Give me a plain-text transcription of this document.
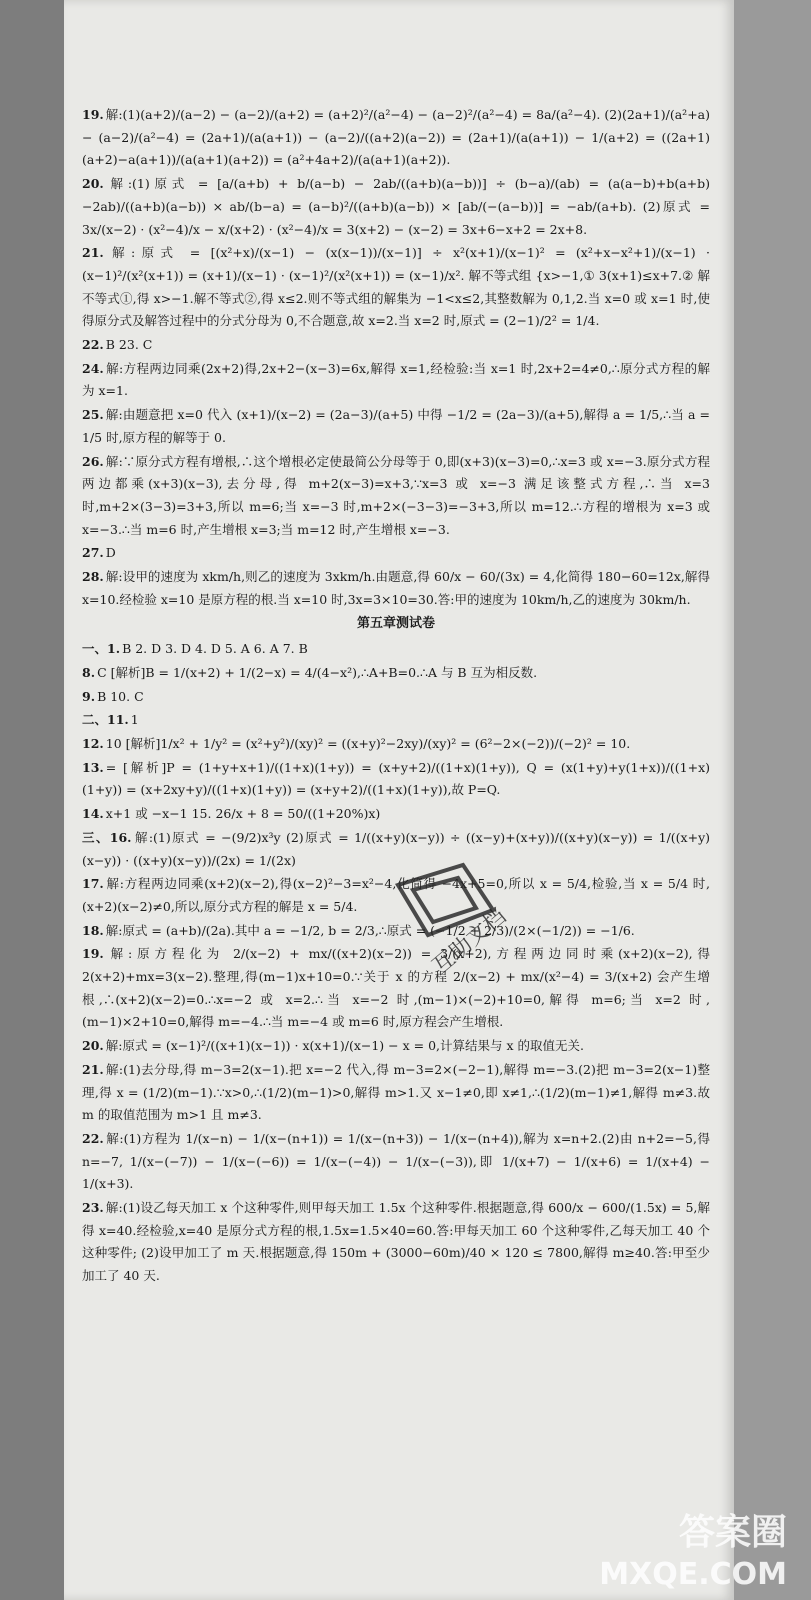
19. 解:(1)(a+2)/(a−2) − (a−2)/(a+2) = (a+2)²/(a²−4) − (a−2)²/(a²−4) = 8a/(a²−4). (2)(2a+1)/(a²+a) − (a−2)/(a²−4) = (2a+1)/(a(a+1)) − (a−2)/((a+2)(a−2)) = (2a+1)/(a(a+1)) − 1/(a+2) = ((2a+1)(a+2)−a(a+1))/(a(a+1)(a+2)) = (a²+4a+2)/(a(a+1)(a+2)).
20. 解:(1)原式 = [a/(a+b) + b/(a−b) − 2ab/((a+b)(a−b))] ÷ (b−a)/(ab) = (a(a−b)+b(a+b)−2ab)/((a+b)(a−b)) × ab/(b−a) = (a−b)²/((a+b)(a−b)) × [ab/(−(a−b))] = −ab/(a+b). (2)原式 = 3x/(x−2) · (x²−4)/x − x/(x+2) · (x²−4)/x = 3(x+2) − (x−2) = 3x+6−x+2 = 2x+8.
21. 解:原式 = [(x²+x)/(x−1) − (x(x−1))/(x−1)] ÷ x²(x+1)/(x−1)² = (x²+x−x²+1)/(x−1) · (x−1)²/(x²(x+1)) = (x+1)/(x−1) · (x−1)²/(x²(x+1)) = (x−1)/x². 解不等式组 {x>−1,① 3(x+1)≤x+7.② 解不等式①,得 x>−1.解不等式②,得 x≤2.则不等式组的解集为 −1<x≤2,其整数解为 0,1,2.当 x=0 或 x=1 时,使得原分式及解答过程中的分式分母为 0,不合题意,故 x=2.当 x=2 时,原式 = (2−1)/2² = 1/4.
22. B 23. C
24. 解:方程两边同乘(2x+2)得,2x+2−(x−3)=6x,解得 x=1,经检验:当 x=1 时,2x+2=4≠0,∴原分式方程的解为 x=1.
25. 解:由题意把 x=0 代入 (x+1)/(x−2) = (2a−3)/(a+5) 中得 −1/2 = (2a−3)/(a+5),解得 a = 1/5,∴当 a = 1/5 时,原方程的解等于 0.
26. 解:∵原分式方程有增根,∴这个增根必定使最简公分母等于 0,即(x+3)(x−3)=0,∴x=3 或 x=−3.原分式方程两边都乘(x+3)(x−3),去分母,得 m+2(x−3)=x+3,∵x=3 或 x=−3 满足该整式方程,∴当 x=3 时,m+2×(3−3)=3+3,所以 m=6;当 x=−3 时,m+2×(−3−3)=−3+3,所以 m=12.∴方程的增根为 x=3 或 x=−3.∴当 m=6 时,产生增根 x=3;当 m=12 时,产生增根 x=−3.
27. D
28. 解:设甲的速度为 xkm/h,则乙的速度为 3xkm/h.由题意,得 60/x − 60/(3x) = 4,化简得 180−60=12x,解得 x=10.经检验 x=10 是原方程的根.当 x=10 时,3x=3×10=30.答:甲的速度为 10km/h,乙的速度为 30km/h.
第五章测试卷
一、1. B 2. D 3. D 4. D 5. A 6. A 7. B
8. C [解析]B = 1/(x+2) + 1/(2−x) = 4/(4−x²),∴A+B=0.∴A 与 B 互为相反数.
9. B 10. C
二、11. 1
12. 10 [解析]1/x² + 1/y² = (x²+y²)/(xy)² = ((x+y)²−2xy)/(xy)² = (6²−2×(−2))/(−2)² = 10.
13. = [解析]P = (1+y+x+1)/((1+x)(1+y)) = (x+y+2)/((1+x)(1+y)), Q = (x(1+y)+y(1+x))/((1+x)(1+y)) = (x+2xy+y)/((1+x)(1+y)) = (x+y+2)/((1+x)(1+y)),故 P=Q.
14. x+1 或 −x−1 15. 26/x + 8 = 50/((1+20%)x)
三、16. 解:(1)原式 = −(9/2)x³y (2)原式 = 1/((x+y)(x−y)) ÷ ((x−y)+(x+y))/((x+y)(x−y)) = 1/((x+y)(x−y)) · ((x+y)(x−y))/(2x) = 1/(2x)
17. 解:方程两边同乘(x+2)(x−2),得(x−2)²−3=x²−4,化简得 −4x+5=0,所以 x = 5/4,检验,当 x = 5/4 时,(x+2)(x−2)≠0,所以,原分式方程的解是 x = 5/4.
18. 解:原式 = (a+b)/(2a).其中 a = −1/2, b = 2/3,∴原式 = (−1/2 + 2/3)/(2×(−1/2)) = −1/6.
19. 解:原方程化为 2/(x−2) + mx/((x+2)(x−2)) = 3/(x+2),方程两边同时乘(x+2)(x−2),得 2(x+2)+mx=3(x−2).整理,得(m−1)x+10=0.∵关于 x 的方程 2/(x−2) + mx/(x²−4) = 3/(x+2) 会产生增根,∴(x+2)(x−2)=0.∴x=−2 或 x=2.∴当 x=−2 时,(m−1)×(−2)+10=0,解得 m=6;当 x=2 时,(m−1)×2+10=0,解得 m=−4.∴当 m=−4 或 m=6 时,原方程会产生增根.
20. 解:原式 = (x−1)²/((x+1)(x−1)) · x(x+1)/(x−1) − x = 0,计算结果与 x 的取值无关.
21. 解:(1)去分母,得 m−3=2(x−1).把 x=−2 代入,得 m−3=2×(−2−1),解得 m=−3.(2)把 m−3=2(x−1)整理,得 x = (1/2)(m−1).∵x>0,∴(1/2)(m−1)>0,解得 m>1.又 x−1≠0,即 x≠1,∴(1/2)(m−1)≠1,解得 m≠3.故 m 的取值范围为 m>1 且 m≠3.
22. 解:(1)方程为 1/(x−n) − 1/(x−(n+1)) = 1/(x−(n+3)) − 1/(x−(n+4)),解为 x=n+2.(2)由 n+2=−5,得 n=−7, 1/(x−(−7)) − 1/(x−(−6)) = 1/(x−(−4)) − 1/(x−(−3)),即 1/(x+7) − 1/(x+6) = 1/(x+4) − 1/(x+3).
23. 解:(1)设乙每天加工 x 个这种零件,则甲每天加工 1.5x 个这种零件.根据题意,得 600/x − 600/(1.5x) = 5,解得 x=40.经检验,x=40 是原分式方程的根,1.5x=1.5×40=60.答:甲每天加工 60 个这种零件,乙每天加工 40 个这种零件; (2)设甲加工了 m 天.根据题意,得 150m + (3000−60m)/40 × 120 ≤ 7800,解得 m≥40.答:甲至少加工了 40 天.
互助文档
答案圈
MXQE.COM
